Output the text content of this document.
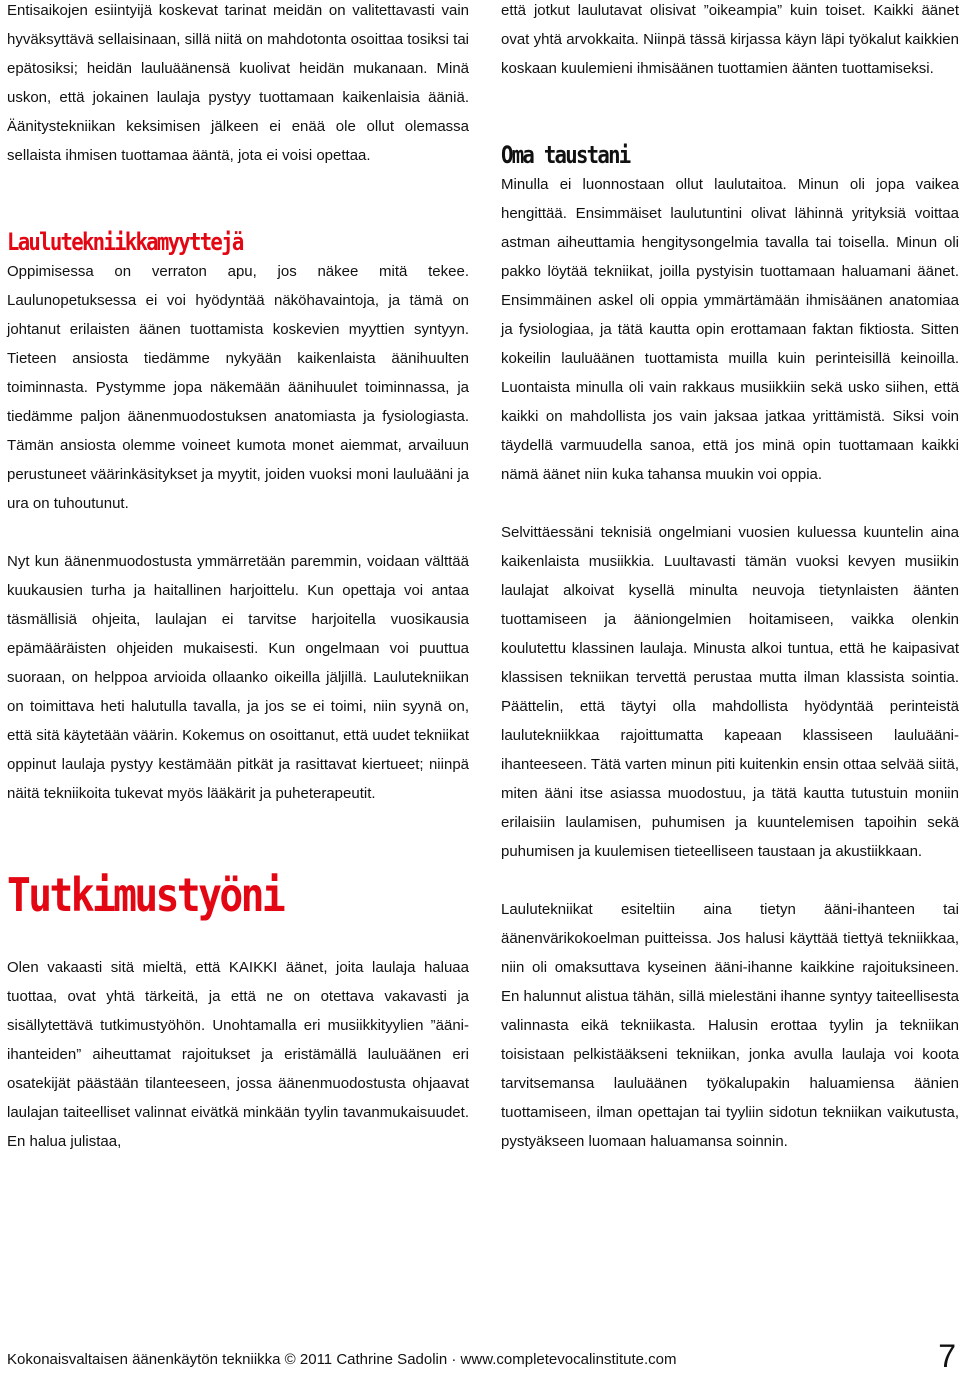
Entisaikojen esiintyijä koskevat tarinat meidän on valitettavasti vain hyväksyttävä sellaisinaan, sillä niitä on mahdotonta osoittaa tosiksi tai epätosiksi; heidän lauluäänensä kuolivat heidän mukanaan. Minä uskon, että jokainen laulaja pystyy tuottamaan kaikenlaisia ääniä. Äänitystekniikan keksimisen jälkeen ei enää ole ollut olemassa sellaista ihmisen tuottamaa ääntä, jota ei voisi opettaa.

Laulutekniikkamyyttejä

Oppimisessa on verraton apu, jos näkee mitä tekee. Laulunopetuksessa ei voi hyödyntää näköhavaintoja, ja tämä on johtanut erilaisten äänen tuottamista koskevien myyttien syntyyn. Tieteen ansiosta tiedämme nykyään kaikenlaista äänihuulten toiminnasta. Pystymme jopa näkemään äänihuulet toiminnassa, ja tiedämme paljon äänenmuodostuksen anatomiasta ja fysiologiasta. Tämän ansiosta olemme voineet kumota monet aiemmat, arvailuun perustuneet väärinkäsitykset ja myytit, joiden vuoksi moni lauluääni ja ura on tuhoutunut.

Nyt kun äänenmuodostusta ymmärretään paremmin, voidaan välttää kuukausien turha ja haitallinen harjoittelu. Kun opettaja voi antaa täsmällisiä ohjeita, laulajan ei tarvitse harjoitella vuosikausia epämääräisten ohjeiden mukaisesti. Kun ongelmaan voi puuttua suoraan, on helppoa arvioida ollaanko oikeilla jäljillä. Laulutekniikan on toimittava heti halutulla tavalla, ja jos se ei toimi, niin syynä on, että sitä käytetään väärin. Kokemus on osoittanut, että uudet tekniikat oppinut laulaja pystyy kestämään pitkät ja rasittavat kiertueet; niinpä näitä tekniikoita tukevat myös lääkärit ja puheterapeutit.

Tutkimustyöni

Olen vakaasti sitä mieltä, että KAIKKI äänet, joita laulaja haluaa tuottaa, ovat yhtä tärkeitä, ja että ne on otettava vakavasti ja sisällytettävä tutkimustyöhön. Unohtamalla eri musiikkityylien ”ääni-ihanteiden” aiheuttamat rajoitukset ja eristämällä lauluäänen eri osatekijät päästään tilanteeseen, jossa äänenmuodostusta ohjaavat laulajan taiteelliset valinnat eivätkä minkään tyylin tavanmukaisuudet. En halua julistaa,

että jotkut laulutavat olisivat ”oikeampia” kuin toiset. Kaikki äänet ovat yhtä arvokkaita. Niinpä tässä kirjassa käyn läpi työkalut kaikkien koskaan kuulemieni ihmisäänen tuottamien äänten tuottamiseksi.

Oma taustani

Minulla ei luonnostaan ollut laulutaitoa. Minun oli jopa vaikea hengittää. Ensimmäiset laulutuntini olivat lähinnä yrityksiä voittaa astman aiheuttamia hengitysongelmia tavalla tai toisella. Minun oli pakko löytää tekniikat, joilla pystyisin tuottamaan haluamani äänet. Ensimmäinen askel oli oppia ymmärtämään ihmisäänen anatomiaa ja fysiologiaa, ja tätä kautta opin erottamaan faktan fiktiosta. Sitten kokeilin lauluäänen tuottamista muilla kuin perinteisillä keinoilla. Luontaista minulla oli vain rakkaus musiikkiin sekä usko siihen, että kaikki on mahdollista jos vain jaksaa jatkaa yrittämistä. Siksi voin täydellä varmuudella sanoa, että jos minä opin tuottamaan kaikki nämä äänet niin kuka tahansa muukin voi oppia.

Selvittäessäni teknisiä ongelmiani vuosien kuluessa kuuntelin aina kaikenlaista musiikkia. Luultavasti tämän vuoksi kevyen musiikin laulajat alkoivat kysellä minulta neuvoja tietynlaisten äänten tuottamiseen ja ääniongelmien hoitamiseen, vaikka olenkin koulutettu klassinen laulaja. Minusta alkoi tuntua, että he kaipasivat klassisen tekniikan tervettä perustaa mutta ilman klassista sointia. Päättelin, että täytyi olla mahdollista hyödyntää perinteistä laulutekniikkaa rajoittumatta kapeaan klassiseen lauluääni-ihanteeseen. Tätä varten minun piti kuitenkin ensin ottaa selvää siitä, miten ääni itse asiassa muodostuu, ja tätä kautta tutustuin moniin erilaisiin laulamisen, puhumisen ja kuuntelemisen tapoihin sekä puhumisen ja kuulemisen tieteelliseen taustaan ja akustiikkaan.

Laulutekniikat esiteltiin aina tietyn ääni-ihanteen tai äänenvärikokoelman puitteissa. Jos halusi käyttää tiettyä tekniikkaa, niin oli omaksuttava kyseinen ääni-ihanne kaikkine rajoituksineen. En halunnut alistua tähän, sillä mielestäni ihanne syntyy taiteellisesta valinnasta eikä tekniikasta. Halusin erottaa tyylin ja tekniikan toisistaan pelkistääkseni tekniikan, jonka avulla laulaja voi koota tarvitsemansa lauluäänen työkalupakin haluamiensa äänien tuottamiseen, ilman opettajan tai tyyliin sidotun tekniikan vaikutusta, pystyäkseen luomaan haluamansa soinnin.

Kokonaisvaltaisen äänenkäytön tekniikka © 2011 Cathrine Sadolin · www.completevocalinstitute.com	7
